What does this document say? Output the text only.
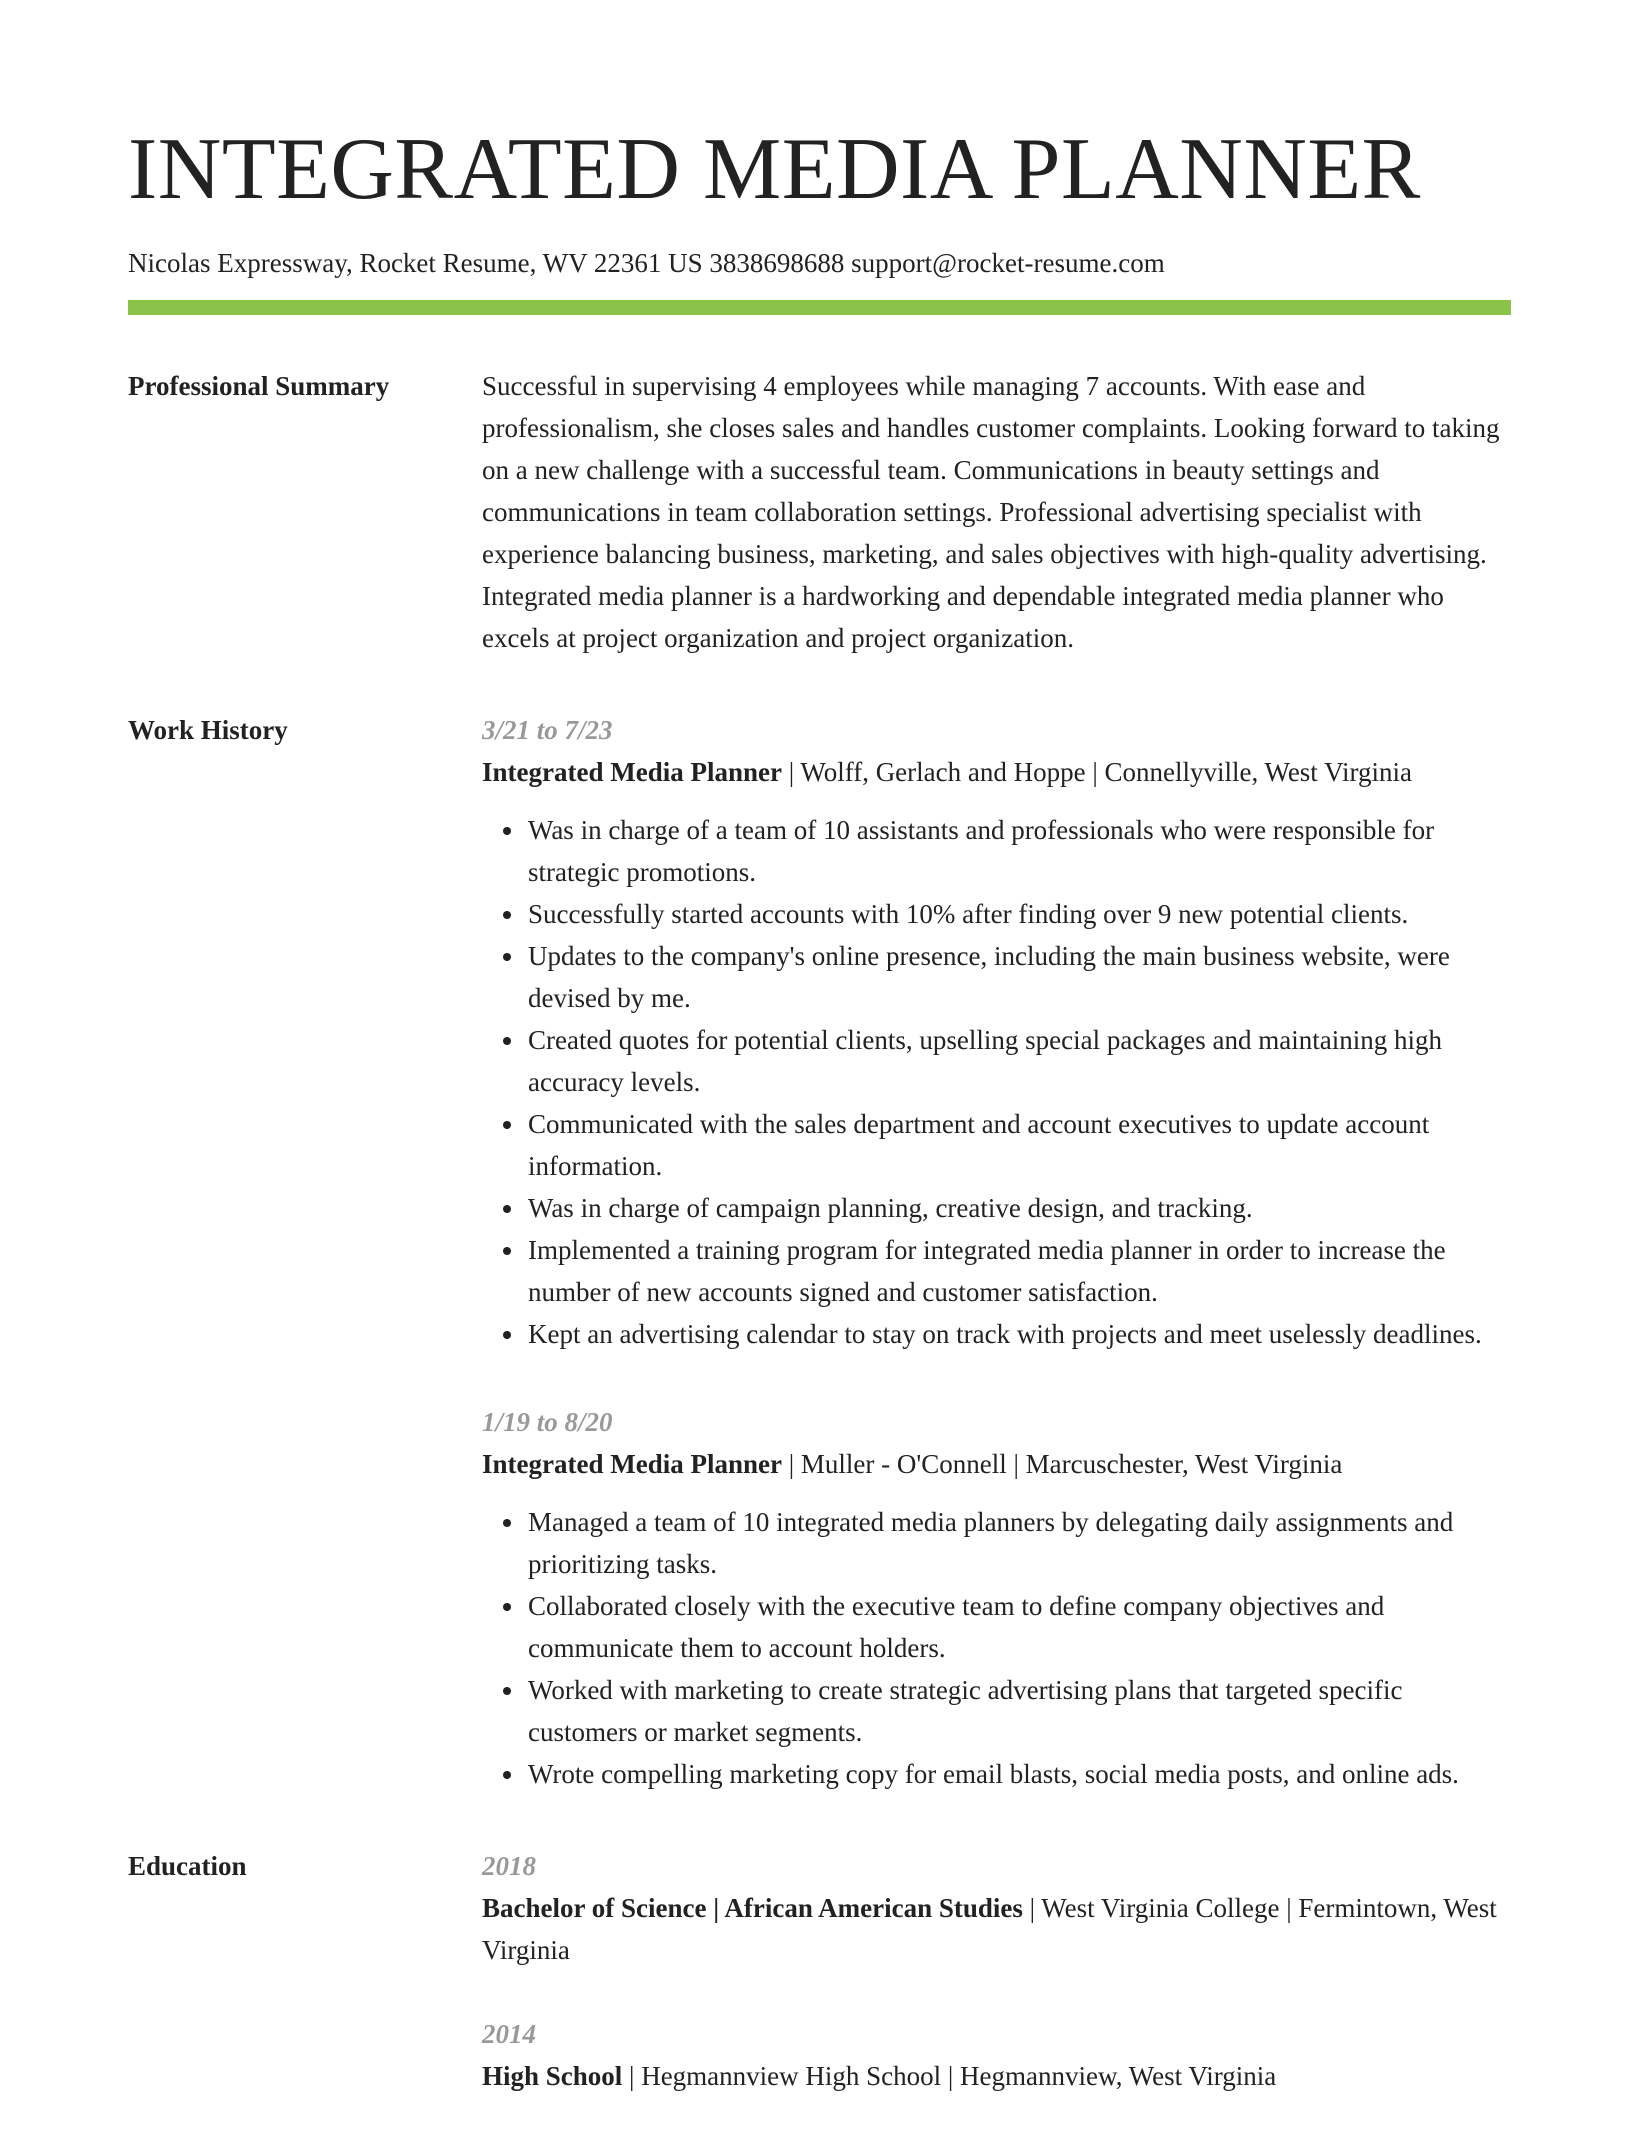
INTEGRATED MEDIA PLANNER
Nicolas Expressway, Rocket Resume, WV 22361 US 3838698688 support@rocket-resume.com
Professional Summary	Successful in supervising 4 employees while managing 7 accounts. With ease and professionalism, she closes sales and handles customer complaints. Looking forward to taking on a new challenge with a successful team. Communications in beauty settings and communications in team collaboration settings. Professional advertising specialist with experience balancing business, marketing, and sales objectives with high-quality advertising. Integrated media planner is a hardworking and dependable integrated media planner who excels at project organization and project organization.

Work History	3/21 to 7/23
Integrated Media Planner | Wolff, Gerlach and Hoppe | Connellyville, West Virginia
• Was in charge of a team of 10 assistants and professionals who were responsible for strategic promotions.
• Successfully started accounts with 10% after finding over 9 new potential clients.
• Updates to the company's online presence, including the main business website, were devised by me.
• Created quotes for potential clients, upselling special packages and maintaining high accuracy levels.
• Communicated with the sales department and account executives to update account information.
• Was in charge of campaign planning, creative design, and tracking.
• Implemented a training program for integrated media planner in order to increase the number of new accounts signed and customer satisfaction.
• Kept an advertising calendar to stay on track with projects and meet uselessly deadlines.
1/19 to 8/20
Integrated Media Planner | Muller - O'Connell | Marcuschester, West Virginia
• Managed a team of 10 integrated media planners by delegating daily assignments and prioritizing tasks.
• Collaborated closely with the executive team to define company objectives and communicate them to account holders.
• Worked with marketing to create strategic advertising plans that targeted specific customers or market segments.
• Wrote compelling marketing copy for email blasts, social media posts, and online ads.
Education	2018
Bachelor of Science | African American Studies | West Virginia College | Fermintown, West Virginia
2014
High School | Hegmannview High School | Hegmannview, West Virginia
